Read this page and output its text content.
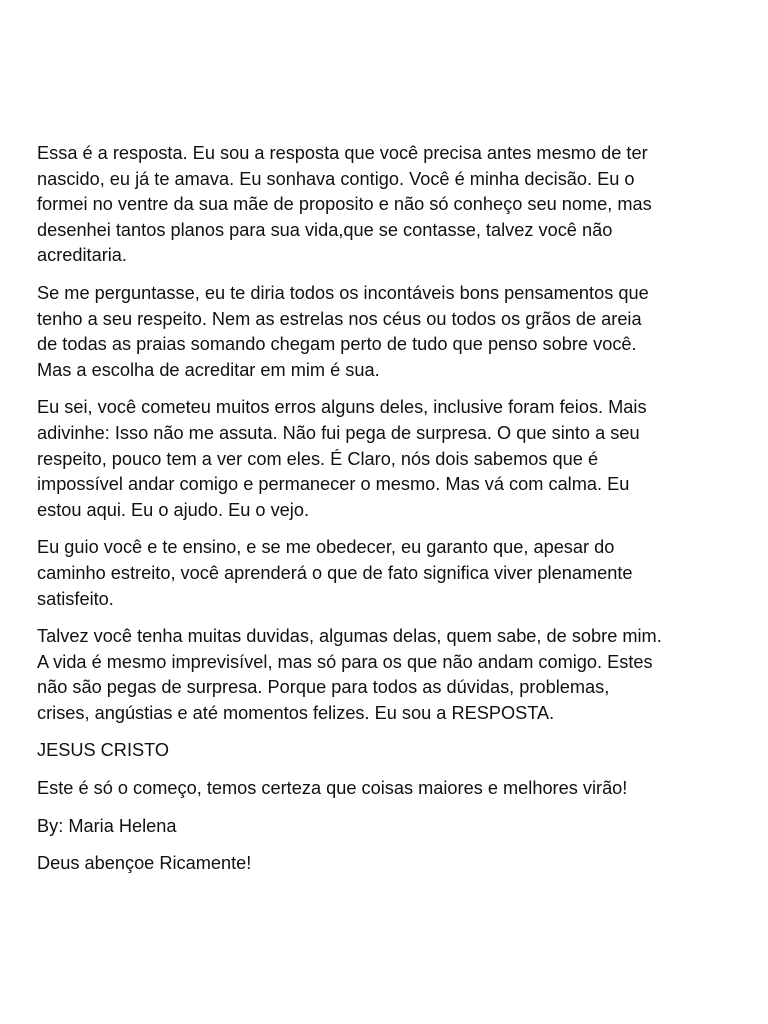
Essa é a resposta. Eu sou a resposta que você precisa antes mesmo de ter
nascido, eu já te amava. Eu sonhava contigo. Você é minha decisão. Eu o
formei no ventre da sua mãe de proposito e não só conheço seu nome, mas
desenhei tantos planos para sua vida,que se contasse, talvez você não
acreditaria.

Se me perguntasse, eu te diria todos os incontáveis bons pensamentos que
tenho a seu respeito. Nem as estrelas nos céus ou todos os grãos de areia
de todas as praias somando chegam perto de tudo que penso sobre você.
Mas a escolha de acreditar em mim é sua.

Eu sei, você cometeu muitos erros alguns deles, inclusive foram feios. Mais
adivinhe: Isso não me assuta. Não fui pega de surpresa. O que sinto a seu
respeito, pouco tem a ver com eles. É Claro, nós dois sabemos que é
impossível andar comigo e permanecer o mesmo. Mas vá com calma. Eu
estou aqui. Eu o ajudo. Eu o vejo.

Eu guio você e te ensino, e se me obedecer, eu garanto que, apesar do
caminho estreito, você aprenderá o que de fato significa viver plenamente
satisfeito.

Talvez você tenha muitas duvidas, algumas delas, quem sabe, de sobre mim.
A vida é mesmo imprevisível, mas só para os que não andam comigo. Estes
não são pegas de surpresa. Porque para todos as dúvidas, problemas,
crises, angústias e até momentos felizes. Eu sou a RESPOSTA.

JESUS CRISTO

Este é só o começo, temos certeza que coisas maiores e melhores virão!

By: Maria Helena

Deus abençoe Ricamente!
